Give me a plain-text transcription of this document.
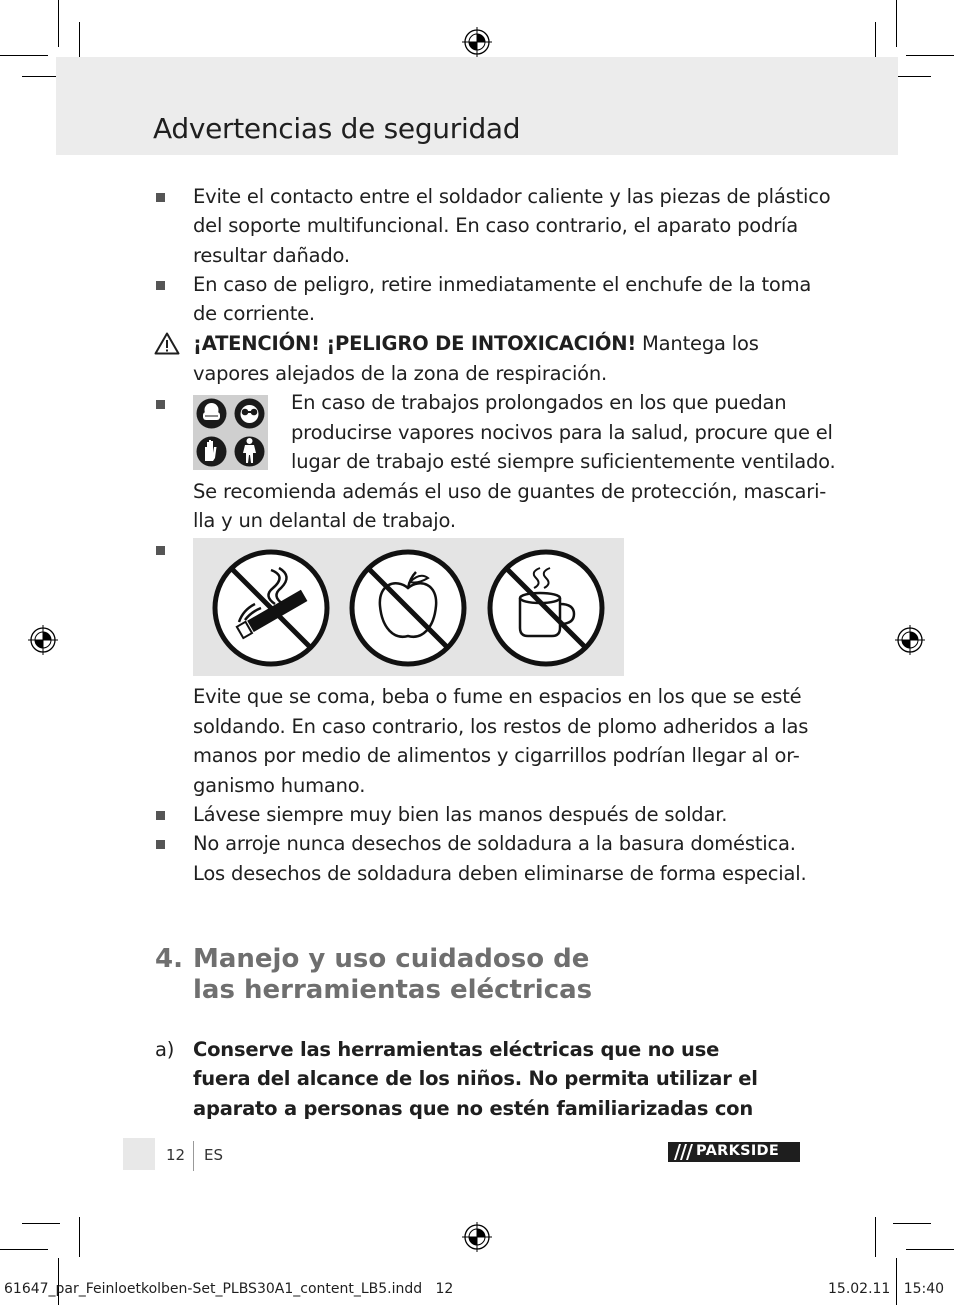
Advertencias de seguridad
Evite el contacto entre el soldador caliente y las piezas de plástico
del soporte multifuncional. En caso contrario, el aparato podría
resultar dañado.
En caso de peligro, retire inmediatamente el enchufe de la toma
de corriente.
¡ATENCIÓN! ¡PELIGRO DE INTOXICACIÓN! Mantega los
vapores alejados de la zona de respiración.
En caso de trabajos prolongados en los que puedan
producirse vapores nocivos para la salud, procure que el
lugar de trabajo esté siempre suficientemente ventilado.
Se recomienda además el uso de guantes de protección, mascari-
lla y un delantal de trabajo.
Evite que se coma, beba o fume en espacios en los que se esté
soldando. En caso contrario, los restos de plomo adheridos a las
manos por medio de alimentos y cigarrillos podrían llegar al or-
ganismo humano.
Lávese siempre muy bien las manos después de soldar.
No arroje nunca desechos de soldadura a la basura doméstica.
Los desechos de soldadura deben eliminarse de forma especial.
4. Manejo y uso cuidadoso de
las herramientas eléctricas
a) Conserve las herramientas eléctricas que no use
fuera del alcance de los niños. No permita utilizar el
aparato a personas que no estén familiarizadas con
12 ES	PARKSIDE
61647_par_Feinloetkolben-Set_PLBS30A1_content_LB5.indd   12	15.02.11   15:40
